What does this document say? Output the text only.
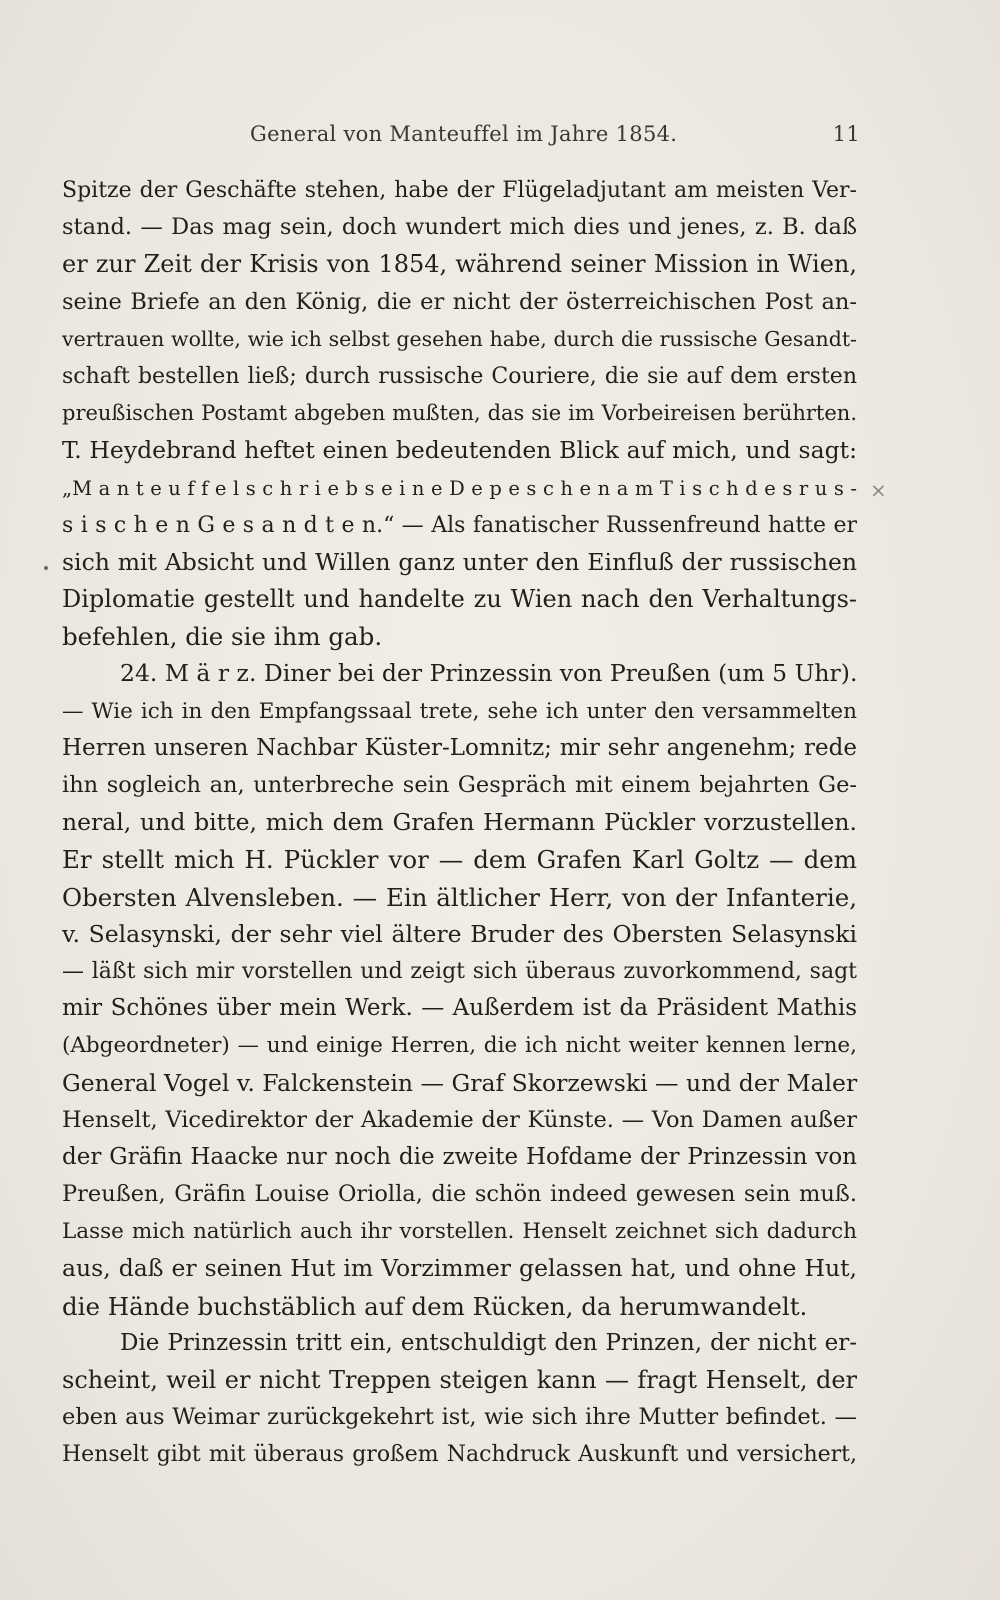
General von Manteuffel im Jahre 1854.	11
Spitze der Geschäfte stehen, habe der Flügeladjutant am meisten Ver-
stand. — Das mag sein, doch wundert mich dies und jenes, z. B. daß
er zur Zeit der Krisis von 1854, während seiner Mission in Wien,
seine Briefe an den König, die er nicht der österreichischen Post an-
vertrauen wollte, wie ich selbst gesehen habe, durch die russische Gesandt-
schaft bestellen ließ; durch russische Couriere, die sie auf dem ersten
preußischen Postamt abgeben mußten, das sie im Vorbeireisen berührten.
T. Heydebrand heftet einen bedeutenden Blick auf mich, und sagt:
„M a n t e u f f e l s c h r i e b s e i n e D e p e s c h e n a m T i s c h d e s r u s -
s i s c h e n G e s a n d t e n.“ — Als fanatischer Russenfreund hatte er
sich mit Absicht und Willen ganz unter den Einfluß der russischen
Diplomatie gestellt und handelte zu Wien nach den Verhaltungs-
befehlen, die sie ihm gab.
24. M ä r z. Diner bei der Prinzessin von Preußen (um 5 Uhr).
— Wie ich in den Empfangssaal trete, sehe ich unter den versammelten
Herren unseren Nachbar Küster-Lomnitz; mir sehr angenehm; rede
ihn sogleich an, unterbreche sein Gespräch mit einem bejahrten Ge-
neral, und bitte, mich dem Grafen Hermann Pückler vorzustellen.
Er stellt mich H. Pückler vor — dem Grafen Karl Goltz — dem
Obersten Alvensleben. — Ein ältlicher Herr, von der Infanterie,
v. Selasynski, der sehr viel ältere Bruder des Obersten Selasynski
— läßt sich mir vorstellen und zeigt sich überaus zuvorkommend, sagt
mir Schönes über mein Werk. — Außerdem ist da Präsident Mathis
(Abgeordneter) — und einige Herren, die ich nicht weiter kennen lerne,
General Vogel v. Falckenstein — Graf Skorzewski — und der Maler
Henselt, Vicedirektor der Akademie der Künste. — Von Damen außer
der Gräfin Haacke nur noch die zweite Hofdame der Prinzessin von
Preußen, Gräfin Louise Oriolla, die schön indeed gewesen sein muß.
Lasse mich natürlich auch ihr vorstellen. Henselt zeichnet sich dadurch
aus, daß er seinen Hut im Vorzimmer gelassen hat, und ohne Hut,
die Hände buchstäblich auf dem Rücken, da herumwandelt.
Die Prinzessin tritt ein, entschuldigt den Prinzen, der nicht er-
scheint, weil er nicht Treppen steigen kann — fragt Henselt, der
eben aus Weimar zurückgekehrt ist, wie sich ihre Mutter befindet. —
Henselt gibt mit überaus großem Nachdruck Auskunft und versichert,
×
